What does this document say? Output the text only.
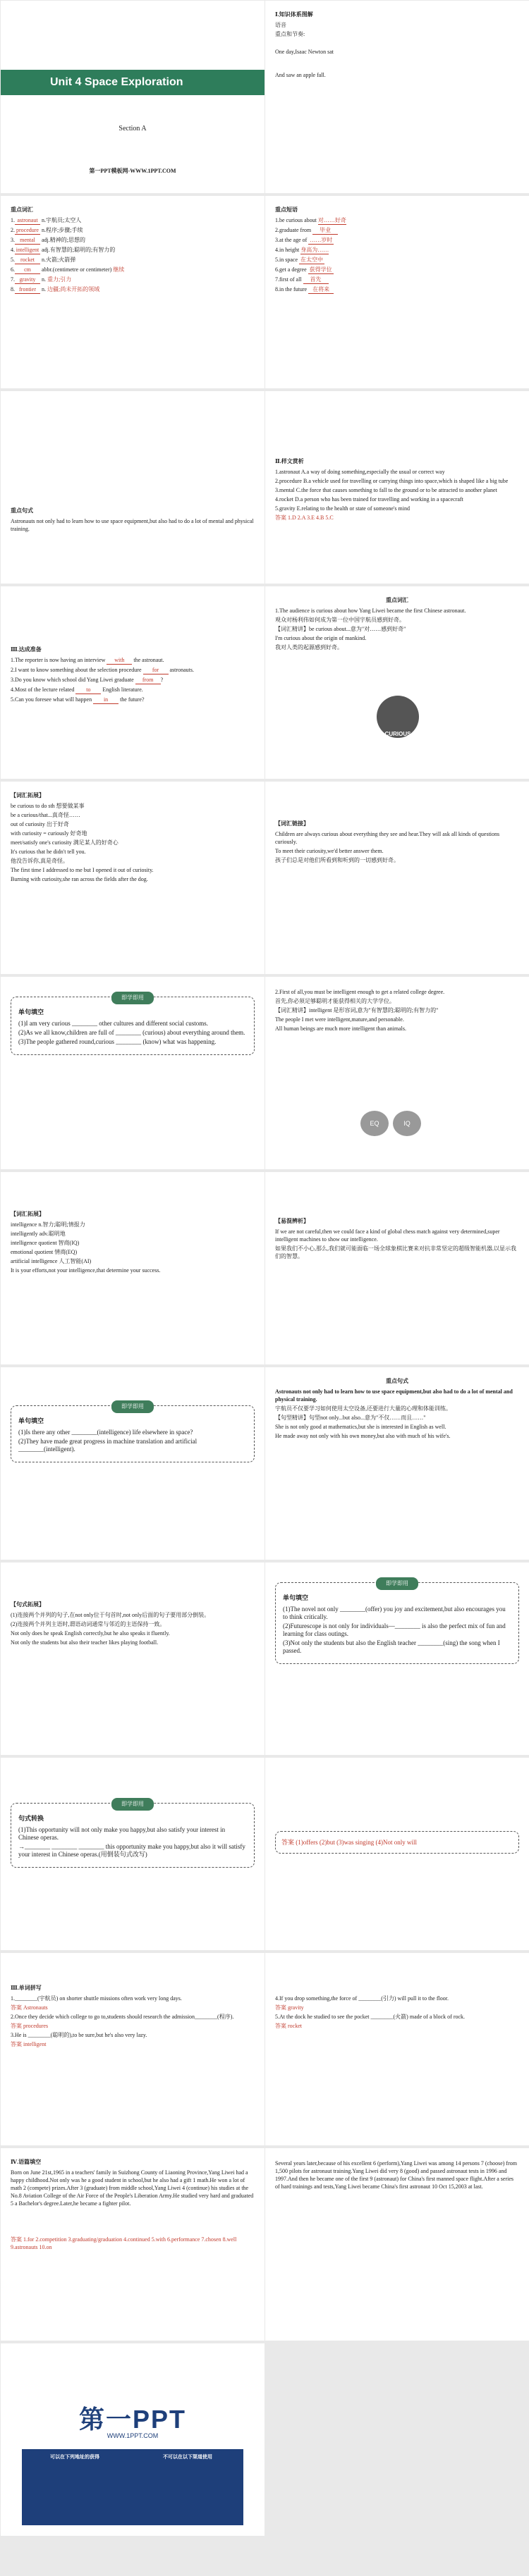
Unit 4 Space Exploration
Section A
第一PPT模板网-WWW.1PPT.COM
Ⅰ.知识体系图解
语音
重点和节奏:
One day,Isaac Newton sat
And saw an apple fall.
重点词汇
1. astronaut n.宇航员;太空人
2. procedure n.程序;步骤;手续
3. mental adj.精神的;思想的
4. intelligent adj.有智慧的;聪明的;有智力的
5. rocket n.火箭;火箭弹
6. cm abbr.(centimetre or centimeter) 继续
7. gravity n. 重力;引力
8. frontier n. 边疆;尚未开拓的领域
重点短语
1.be curious about 对……好奇
2.graduate from 毕业
3.at the age of ……岁时
4.in height 身高为……
5.in space 在太空中
6.get a degree 获得学位
7.first of all 首先
8.in the future 在将来
重点句式
Astronauts not only had to learn how to use space equipment,but also had to do a lot of mental and physical training.
Ⅱ.样文赏析
1.astronaut A.a way of doing something,especially the usual or correct way
2.procedure B.a vehicle used for travelling or carrying things into space,which is shaped like a big tube
3.mental C.the force that causes something to fall to the ground or to be attracted to another planet
4.rocket D.a person who has been trained for travelling and working in a spacecraft
5.gravity E.relating to the health or state of someone's mind
答案 1.D 2.A 3.E 4.B 5.C
Ⅲ.达成准备
1.The reporter is now having an interview with the astronaut.
2.I want to know something about the selection procedure for astronauts.
3.Do you know which school did Yang Liwei graduate from ?
4.Most of the lecture related to English literature.
5.Can you foresee what will happen in the future?
重点词汇
1.The audience is curious about how Yang Liwei became the first Chinese astronaut.
观众对杨利伟如何成为第一位中国宇航员感到好奇。
【词汇精讲】be curious about...意为"对……感到好奇"
I'm curious about the origin of mankind.
我对人类的起源感到好奇。
CURIOUS
【词汇拓展】
be curious to do sth 想要做某事
be a curious/that...真奇怪……
out of curiosity 出于好奇
with curiosity = curiously 好奇地
meet/satisfy one's curiosity 满足某人的好奇心
It's curious that he didn't tell you.
他没告诉你,真是奇怪。
The first time I addressed to me but I opened it out of curiosity.
Burning with curiosity,she ran across the fields after the dog.
【词汇链接】
Children are always curious about everything they see and hear.They will ask all kinds of questions curiously.
To meet their curiosity,we'd better answer them.
孩子们总是对他们所看到和听到的一切感到好奇。
即学即用
单句填空
(1)I am very curious ________ other cultures and different social customs.
(2)As we all know,children are full of ________ (curious) about everything around them.
(3)The people gathered round,curious ________ (know) what was happening.
2.First of all,you must be intelligent enough to get a related college degree.
首先,你必须足够聪明才能获得相关的大学学位。
【词汇精讲】intelligent 是形容词,意为"有智慧的;聪明的;有智力的"
The people I met were intelligent,mature,and personable.
All human beings are much more intelligent than animals.
EQ	IQ
【词汇拓展】
intelligence n.智力;聪明;情报力
intelligently adv.聪明地
intelligence quotient 智商(IQ)
emotional quotient 情商(EQ)
artificial intelligence 人工智能(AI)
It is your efforts,not your intelligence,that determine your success.
【易混辨析】
If we are not careful,then we could face a kind of global chess match against very determined,super intelligent machines to show our intelligence.
如果我们不小心,那么,我们就可能面临一场全球象棋比赛来对抗非常坚定的超级智能机器,以显示我们的智慧。
即学即用
单句填空
(1)Is there any other ________(intelligence) life elsewhere in space?
(2)They have made great progress in machine translation and artificial ________(intelligent).
重点句式
Astronauts not only had to learn how to use space equipment,but also had to do a lot of mental and physical training.
宇航员不仅要学习如何使用太空设备,还要进行大量的心理和体能训练。
【句型精讲】句型not only...but also...意为"不仅……而且……"
She is not only good at mathematics,but she is interested in English as well.
He made away not only with his own money,but also with much of his wife's.
【句式拓展】
(1)连接两个并列的句子,在not only位于句首时,not only后面的句子要用部分倒装。
(2)连接两个并列主语时,谓语动词通常与邻近的主语保持一致。
Not only does he speak English correctly,but he also speaks it fluently.
Not only the students but also their teacher likes playing football.
即学即用
单句填空
(1)The novel not only ________(offer) you joy and excitement,but also encourages you to think critically.
(2)Futurescope is not only for individuals—________ is also the perfect mix of fun and learning for class outings.
(3)Not only the students but also the English teacher ________(sing) the song when I passed.
即学即用
句式转换
(1)This opportunity will not only make you happy,but also satisfy your interest in Chinese operas.
→________ ________ ________ this opportunity make you happy,but also it will satisfy your interest in Chinese operas.(用倒装句式改写)
答案 (1)offers (2)but (3)was singing (4)Not only will
Ⅲ.单词拼写
1.________(宇航员) on shorter shuttle missions often work very long days.
答案 Astronauts
2.Once they decide which college to go to,students should research the admission________(程序).
答案 procedures
3.He is ________(聪明的),to be sure,but he's also very lazy.
答案 intelligent
4.If you drop something,the force of ________(引力) will pull it to the floor.
答案 gravity
5.At the dock he studied to see the pocket ________(火箭) made of a block of rock.
答案 rocket
Ⅳ.语篇填空
Born on June 21st,1965 in a teachers' family in Suizhong County of Liaoning Province,Yang Liwei had a happy childhood.Not only was he a good student in school,but he also had a gift 1 math.He won a lot of math 2 (compete) prizes.After 3 (graduate) from middle school,Yang Liwei 4 (continue) his studies at the No.8 Aviation College of the Air Force of the People's Liberation Army.He studied very hard and graduated 5 a Bachelor's degree.Later,he became a fighter pilot.
答案 1.for 2.competition 3.graduating/graduation 4.continued 5.with 6.performance 7.chosen 8.well 9.astronauts 10.on
Several years later,because of his excellent 6 (perform),Yang Liwei was among 14 persons 7 (choose) from 1,500 pilots for astronaut training.Yang Liwei did very 8 (good) and passed astronaut tests in 1996 and 1997.And then he became one of the first 9 (astronaut) for China's first manned space flight.After a series of hard trainings and tests,Yang Liwei became China's first astronaut 10 Oct 15,2003 at last.
第一PPT
WWW.1PPT.COM
可以在下列地址的获得	不可以在以下渠道使用
